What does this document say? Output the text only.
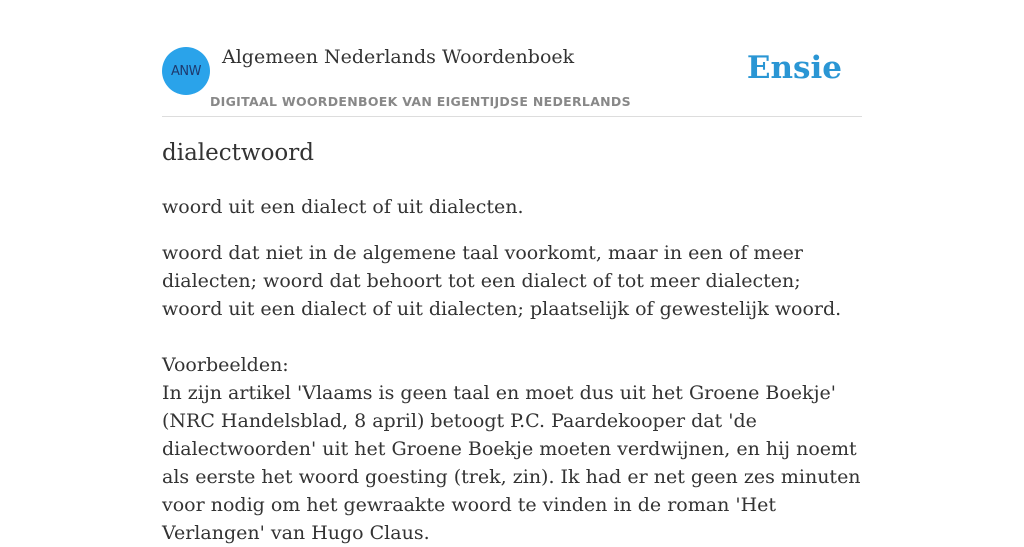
ANW
Algemeen Nederlands Woordenboek
DIGITAAL WOORDENBOEK VAN EIGENTIJDSE NEDERLANDS
Ensie
dialectwoord
woord uit een dialect of uit dialecten.

woord dat niet in de algemene taal voorkomt, maar in een of meer dialecten; woord dat behoort tot een dialect of tot meer dialecten; woord uit een dialect of uit dialecten; plaatselijk of gewestelijk woord.

Voorbeelden:

In zijn artikel 'Vlaams is geen taal en moet dus uit het Groene Boekje' (NRC Handelsblad, 8 april) betoogt P.C. Paardekooper dat 'de dialectwoorden' uit het Groene Boekje moeten verdwijnen, en hij noemt als eerste het woord goesting (trek, zin). Ik had er net geen zes minuten voor nodig om het gewraakte woord te vinden in de roman 'Het Verlangen' van Hugo Claus.
